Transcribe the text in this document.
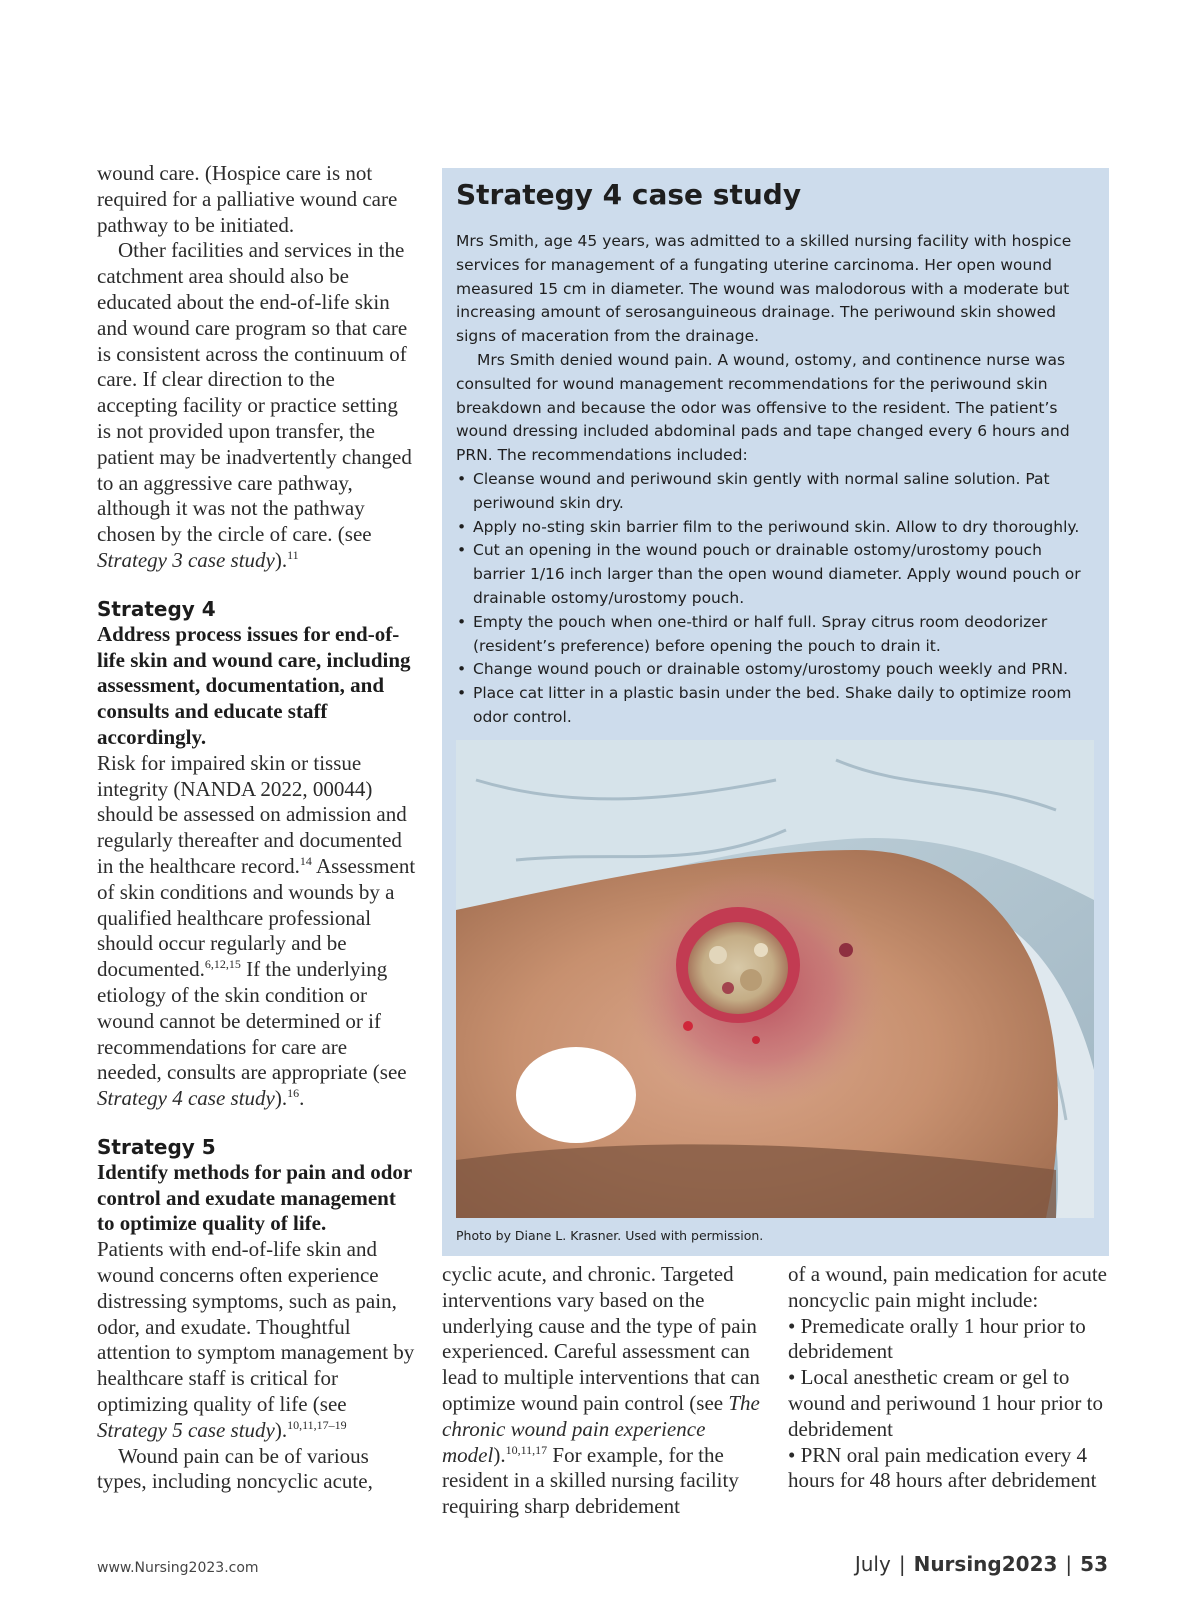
wound care. (Hospice care is not required for a palliative wound care pathway to be initiated.

Other facilities and services in the catchment area should also be educated about the end-of-life skin and wound care program so that care is consistent across the continuum of care. If clear direction to the accepting facility or practice setting is not provided upon transfer, the patient may be inadvertently changed to an aggressive care pathway, although it was not the pathway chosen by the circle of care. (see Strategy 3 case study).$^{11}$

Strategy 4
Address process issues for end-of-life skin and wound care, including assessment, documentation, and consults and educate staff accordingly.

Risk for impaired skin or tissue integrity (NANDA 2022, 00044) should be assessed on admission and regularly thereafter and documented in the healthcare record.$^{14}$ Assessment of skin conditions and wounds by a qualified healthcare professional should occur regularly and be documented.$^{6,12,15}$ If the underlying etiology of the skin condition or wound cannot be determined or if recommendations for care are needed, consults are appropriate (see Strategy 4 case study).$^{16}$.

Strategy 5
Identify methods for pain and odor control and exudate management to optimize quality of life.

Patients with end-of-life skin and wound concerns often experience distressing symptoms, such as pain, odor, and exudate. Thoughtful attention to symptom management by healthcare staff is critical for optimizing quality of life (see Strategy 5 case study).$^{10,11,17-19}$

Wound pain can be of various types, including noncyclic acute,

Strategy 4 case study

Mrs Smith, age 45 years, was admitted to a skilled nursing facility with hospice services for management of a fungating uterine carcinoma. Her open wound measured 15 cm in diameter. The wound was malodorous with a moderate but increasing amount of serosanguineous drainage. The periwound skin showed signs of maceration from the drainage.

Mrs Smith denied wound pain. A wound, ostomy, and continence nurse was consulted for wound management recommendations for the periwound skin breakdown and because the odor was offensive to the resident. The patient’s wound dressing included abdominal pads and tape changed every 6 hours and PRN. The recommendations included:

• Cleanse wound and periwound skin gently with normal saline solution. Pat periwound skin dry.
• Apply no-sting skin barrier film to the periwound skin. Allow to dry thoroughly.
• Cut an opening in the wound pouch or drainable ostomy/urostomy pouch barrier 1/16 inch larger than the open wound diameter. Apply wound pouch or drainable ostomy/urostomy pouch.
• Empty the pouch when one-third or half full. Spray citrus room deodorizer (resident’s preference) before opening the pouch to drain it.
• Change wound pouch or drainable ostomy/urostomy pouch weekly and PRN.
• Place cat litter in a plastic basin under the bed. Shake daily to optimize room odor control.
Photo by Diane L. Krasner. Used with permission.

cyclic acute, and chronic. Targeted interventions vary based on the underlying cause and the type of pain experienced. Careful assessment can lead to multiple interventions that can optimize wound pain control (see The chronic wound pain experience model).$^{10,11,17}$ For example, for the resident in a skilled nursing facility requiring sharp debridement

of a wound, pain medication for acute noncyclic pain might include:

• Premedicate orally 1 hour prior to debridement

• Local anesthetic cream or gel to wound and periwound 1 hour prior to debridement

• PRN oral pain medication every 4 hours for 48 hours after debridement

www.Nursing2023.com	July | Nursing2023 | 53
